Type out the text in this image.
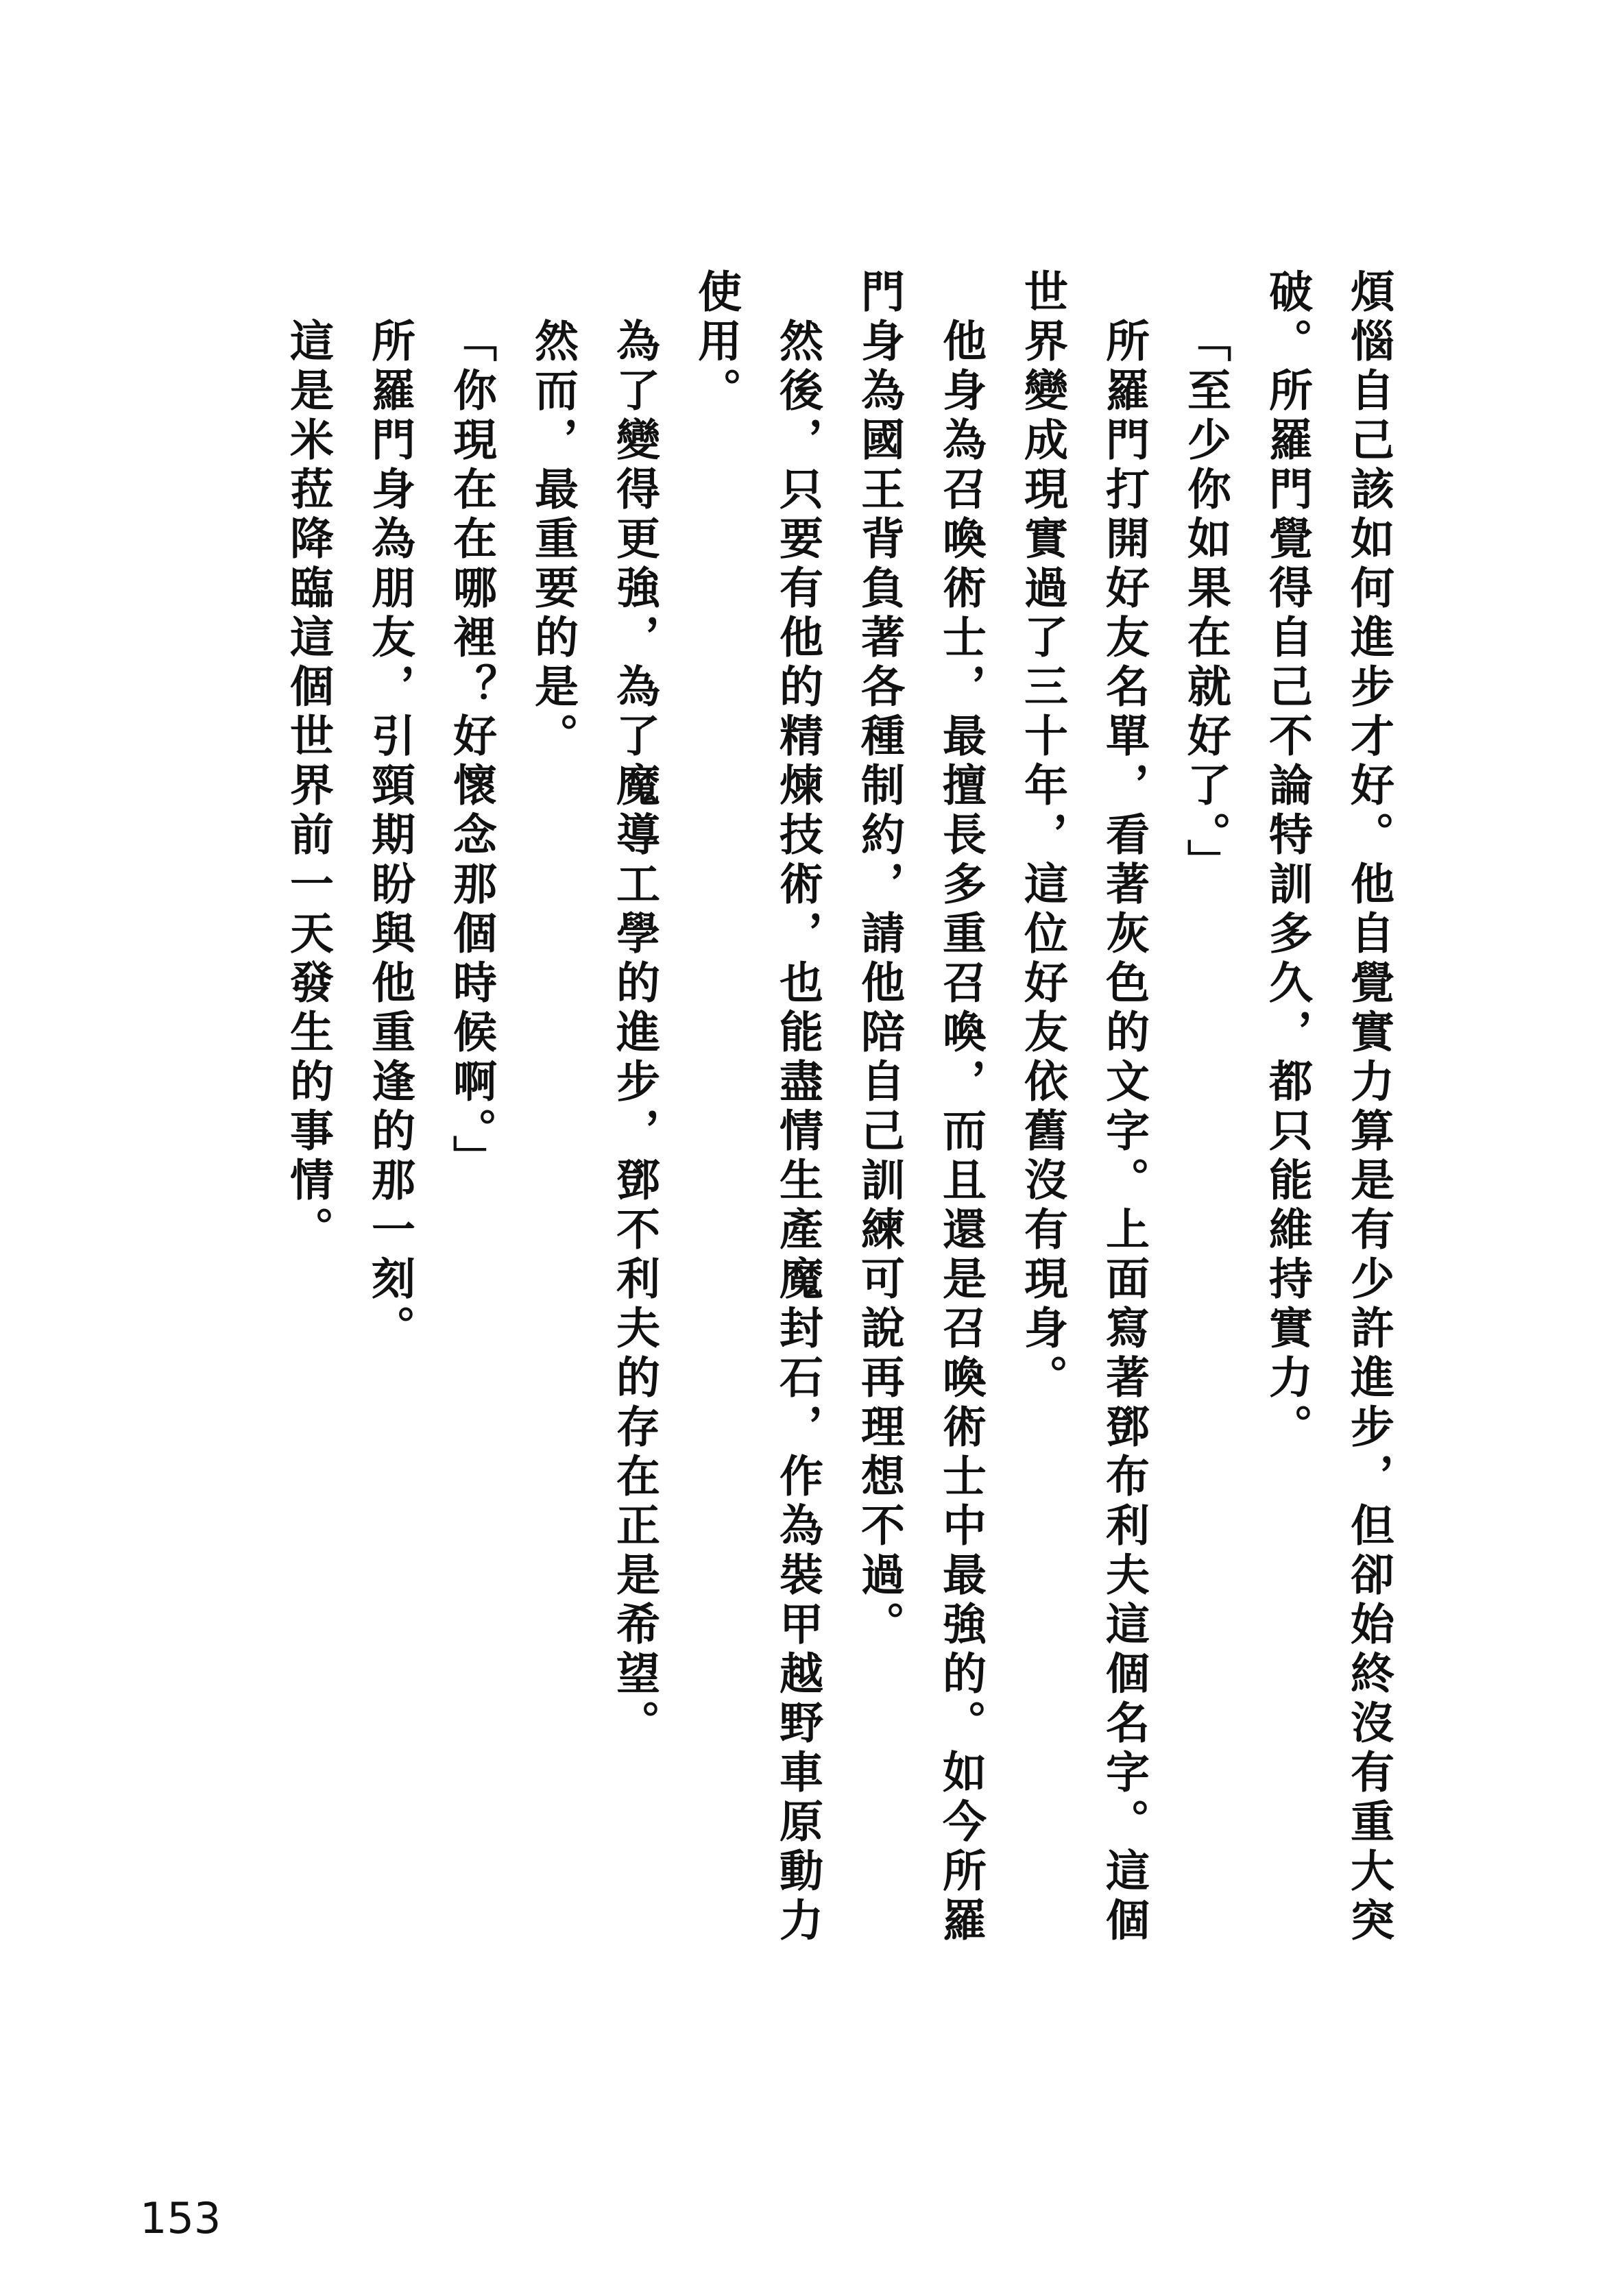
煩惱自己該如何進步才好。他自覺實力算是有少許進步，但卻始終沒有重大突
破。所羅門覺得自己不論特訓多久，都只能維持實力。
「至少你如果在就好了。」
所羅門打開好友名單，看著灰色的文字。上面寫著鄧布利夫這個名字。這個
世界變成現實過了三十年，這位好友依舊沒有現身。
他身為召喚術士，最擅長多重召喚，而且還是召喚術士中最強的。如今所羅
門身為國王背負著各種制約，請他陪自己訓練可說再理想不過。
然後，只要有他的精煉技術，也能盡情生產魔封石，作為裝甲越野車原動力
使用。
為了變得更強，為了魔導工學的進步，鄧不利夫的存在正是希望。
然而，最重要的是。
「你現在在哪裡？好懷念那個時候啊。」
所羅門身為朋友，引頸期盼與他重逢的那一刻。
這是米菈降臨這個世界前一天發生的事情。
153
